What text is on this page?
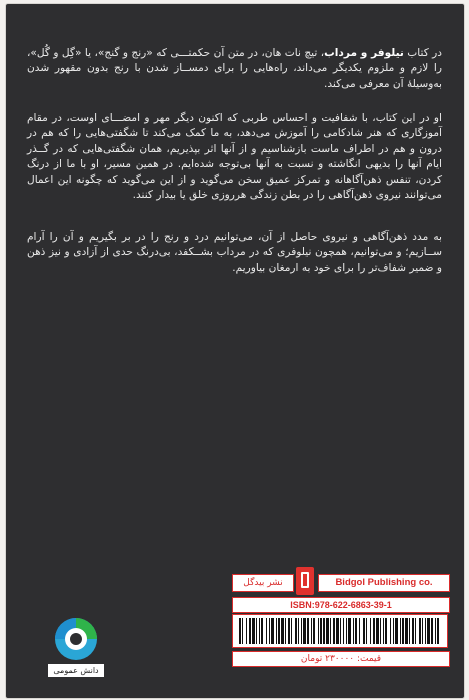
در کتاب نیلوفر و مرداب، تیچ نات هان، در متن آن حکمتـــی که «رنج و گنج»، یا «گِل و گُل»، را لازم و ملزوم یکدیگر می‌داند، راه‌هایی را برای دمســاز شدن با رنج بدون مقهور شدن به‌وسیلهٔ آن معرفی می‌کند.

او در این کتاب، با شفافیت و احساس طربی که اکنون دیگر مهر و امضـــای اوست، در مقام آموزگاری که هنر شادکامی را آموزش می‌دهد، به ما کمک می‌کند تا شگفتی‌هایی را که هم در درون و هم در اطراف ماست بازشناسیم و از آنها اثر بپذیریم، همان شگفتی‌هایی که در گــذر ایام آنها را بدیهی انگاشته و نسبت به آنها بی‌توجه شده‌ایم. در همین مسیر، او با ما از درنگ کردن، تنفس ذهن‌آگاهانه و تمرکز عمیق سخن می‌گوید و از این می‌گوید که چگونه این اعمال می‌توانند نیروی ذهن‌آگاهی را در بطن زندگی هرروزی خلق یا بیدار کنند.

به مدد ذهن‌آگاهی و نیروی حاصل از آن، می‌توانیم درد و رنج را در بر بگیریم و آن را آرام ســازیم؛ و می‌توانیم، همچون نیلوفری که در مرداب بشــکفد، بی‌درنگ حدی از آزادی و نیز ذهن و ضمیر شفاف‌تر را برای خود به ارمغان بیاوریم.

نشر بیدگل	Bidgol Publishing co.
ISBN:978-622-6863-39-1
قیمت: ۲۳۰۰۰۰ تومان
دانش عمومی
